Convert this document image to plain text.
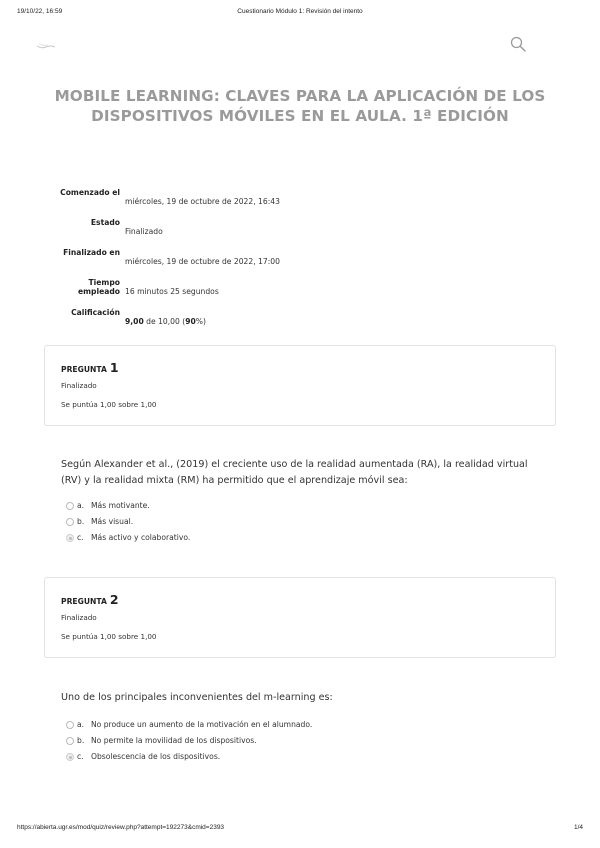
19/10/22, 16:59	Cuestionario Módulo 1: Revisión del intento
MOBILE LEARNING: CLAVES PARA LA APLICACIÓN DE LOS DISPOSITIVOS MÓVILES EN EL AULA. 1ª EDICIÓN
Comenzado el
miércoles, 19 de octubre de 2022, 16:43
Estado
Finalizado
Finalizado en
miércoles, 19 de octubre de 2022, 17:00
Tiempo empleado 16 minutos 25 segundos
Calificación
9,00 de 10,00 (90%)
PREGUNTA 1
Finalizado
Se puntúa 1,00 sobre 1,00
Según Alexander et al., (2019) el creciente uso de la realidad aumentada (RA), la realidad virtual (RV) y la realidad mixta (RM) ha permitido que el aprendizaje móvil sea:
a. Más motivante.
b. Más visual.
c. Más activo y colaborativo.
PREGUNTA 2
Finalizado
Se puntúa 1,00 sobre 1,00
Uno de los principales inconvenientes del m-learning es:
a. No produce un aumento de la motivación en el alumnado.
b. No permite la movilidad de los dispositivos.
c. Obsolescencia de los dispositivos.
https://abierta.ugr.es/mod/quiz/review.php?attempt=192273&cmid=2393	1/4
